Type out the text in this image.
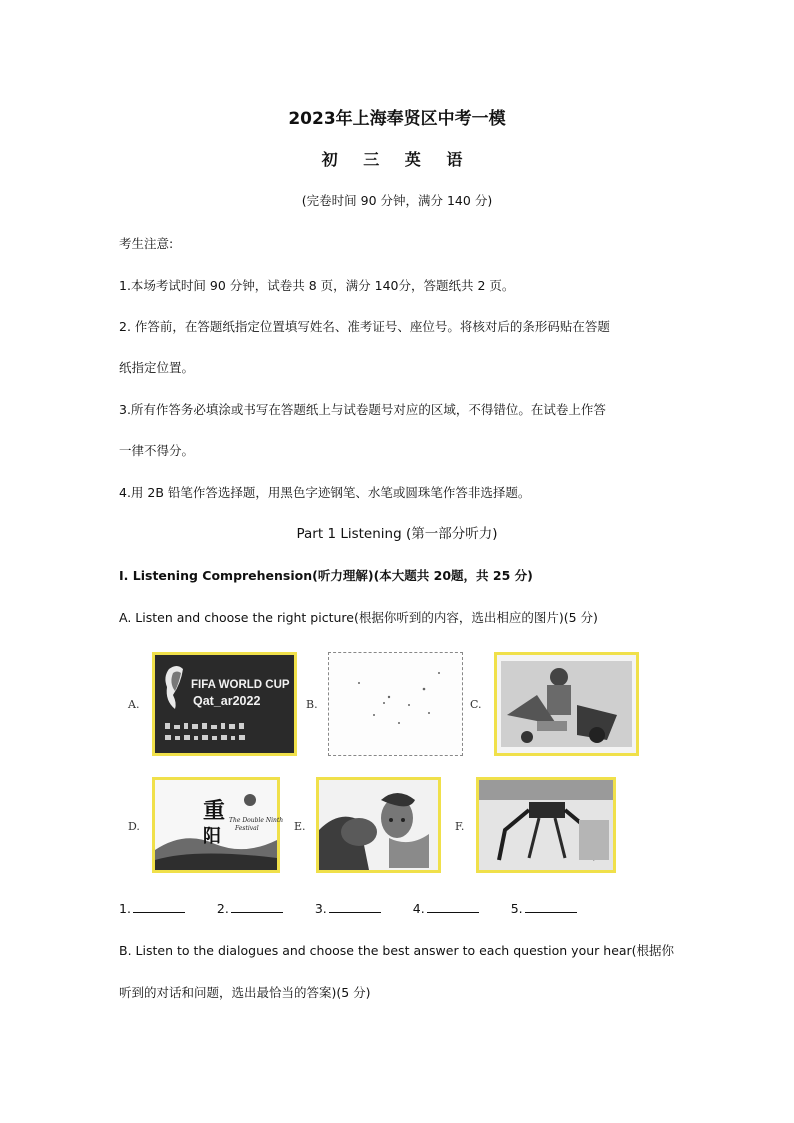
2023年上海奉贤区中考一模
初 三 英 语
(完卷时间 90 分钟，满分 140 分)
考生注意:
1.本场考试时间 90 分钟，试卷共 8 页，满分 140分，答题纸共 2 页。
2. 作答前，在答题纸指定位置填写姓名、准考证号、座位号。将核对后的条形码贴在答题
纸指定位置。
3.所有作答务必填涂或书写在答题纸上与试卷题号对应的区域，不得错位。在试卷上作答
一律不得分。
4.用 2B 铅笔作答选择题，用黑色字迹钢笔、水笔或圆珠笔作答非选择题。
Part 1 Listening (第一部分听力)
I. Listening Comprehension(听力理解)(本大题共 20题，共 25 分)
A. Listen and choose the right picture(根据你听到的内容，选出相应的图片)(5 分)
A.
FIFA WORLD CUP
Qat_ar2022	B.	C.
D.
重
阳
The Double Ninth
Festival	E.	F.
1.	2.	3.	4.	5.
B. Listen to the dialogues and choose the best answer to each question your hear(根据你
听到的对话和问题，选出最恰当的答案)(5 分)
